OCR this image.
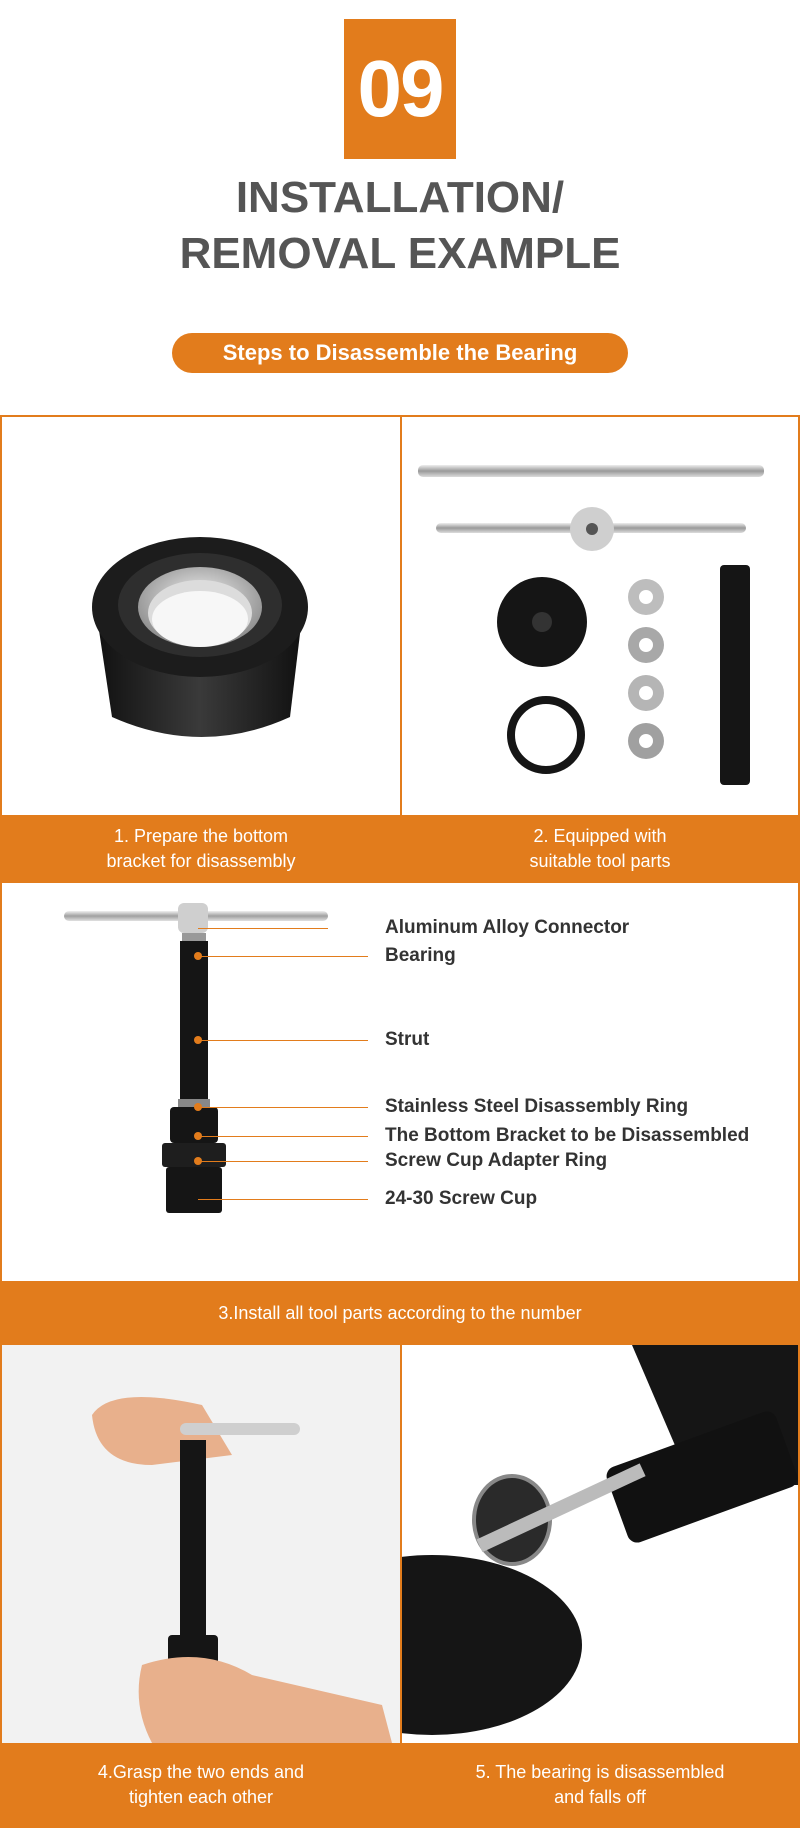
09
INSTALLATION/
REMOVAL EXAMPLE
Steps to Disassemble the Bearing
1. Prepare the bottom
bracket for disassembly
2. Equipped with
suitable tool parts
Aluminum Alloy Connector
Bearing
Strut
Stainless Steel Disassembly Ring
The Bottom Bracket to be Disassembled
Screw Cup Adapter Ring
24-30 Screw Cup
3.Install all tool parts according to the number
4.Grasp the two ends and
tighten each other
5. The bearing is disassembled
and falls off
